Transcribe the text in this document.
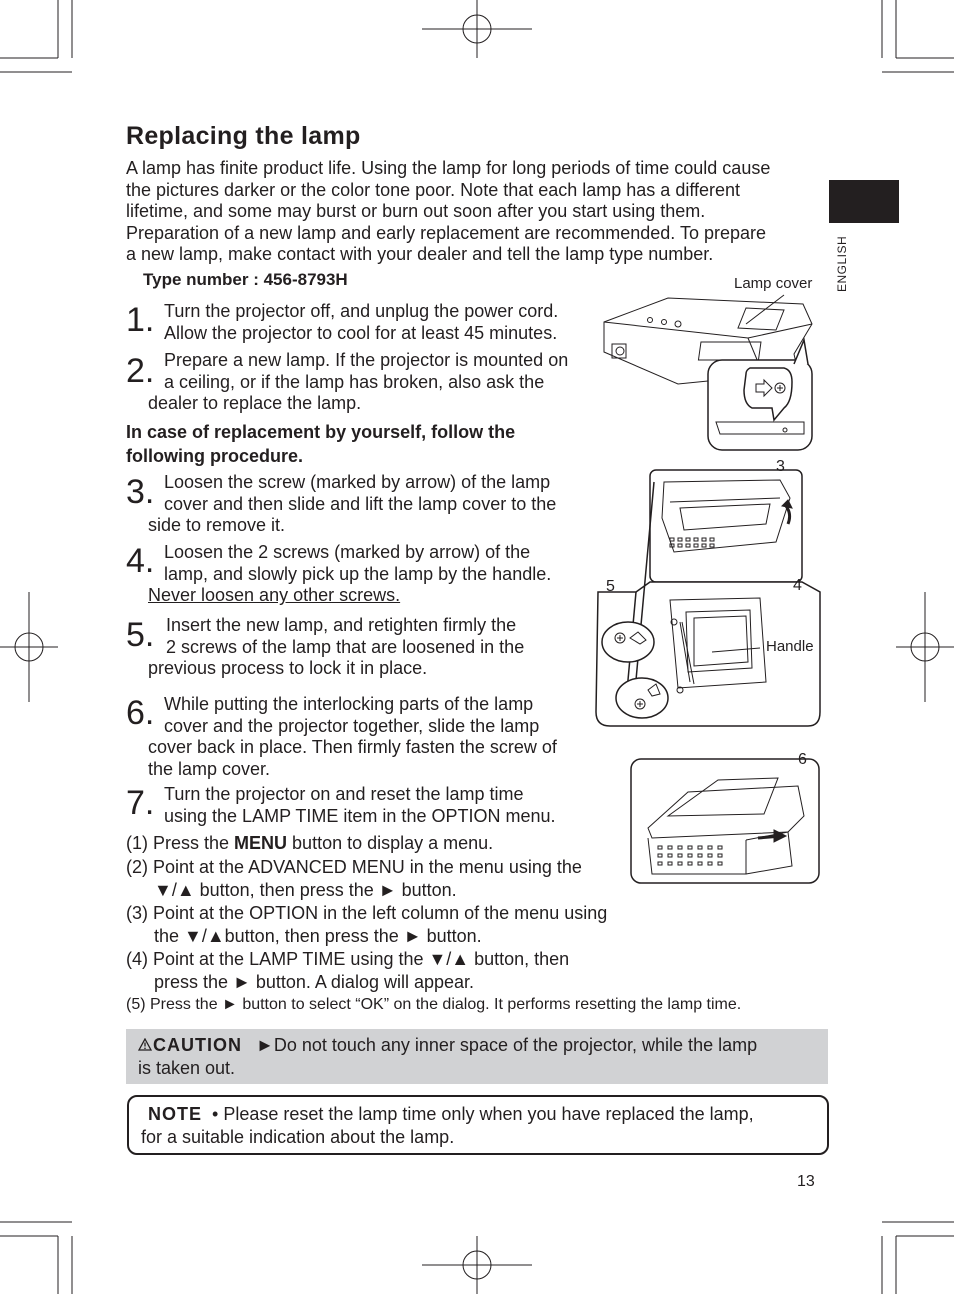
Replacing the lamp
A lamp has finite product life. Using the lamp for long periods of time could cause
the pictures darker or the color tone poor. Note that each lamp has a different
lifetime, and some may burst or burn out soon after you start using them.
Preparation of a new lamp and early replacement are recommended. To prepare
a new lamp, make contact with your dealer and tell the lamp type number.
Type number : 456-8793H
1. Turn the projector off, and unplug the power cord.
Allow the projector to cool for at least 45 minutes.
2. Prepare a new lamp. If the projector is mounted on
a ceiling, or if the lamp has broken, also ask the
dealer to replace the lamp.
In case of replacement by yourself, follow the
following procedure.
3. Loosen the screw (marked by arrow) of the lamp
cover and then slide and lift the lamp cover to the
side to remove it.
4. Loosen the 2 screws (marked by arrow) of the
lamp, and slowly pick up the lamp by the handle.
Never loosen any other screws.
5. Insert the new lamp, and retighten firmly the
2 screws of the lamp that are loosened in the
previous process to lock it in place.
6. While putting the interlocking parts of the lamp
cover and the projector together, slide the lamp
cover back in place. Then firmly fasten the screw of
the lamp cover.
7. Turn the projector on and reset the lamp time
using the LAMP TIME item in the OPTION menu.
(1) Press the MENU button to display a menu.
(2) Point at the ADVANCED MENU in the menu using the
▼/▲ button, then press the ► button.
(3) Point at the OPTION in the left column of the menu using
the ▼/▲button, then press the ► button.
(4) Point at the LAMP TIME using the ▼/▲ button, then
press the ► button. A dialog will appear.
(5) Press the ► button to select “OK” on the dialog. It performs resetting the lamp time.
CAUTION ►Do not touch any inner space of the projector, while the lamp
is taken out.
NOTE • Please reset the lamp time only when you have replaced the lamp,
for a suitable indication about the lamp.
ENGLISH
13
Lamp cover
3
4
5
Handle
6
